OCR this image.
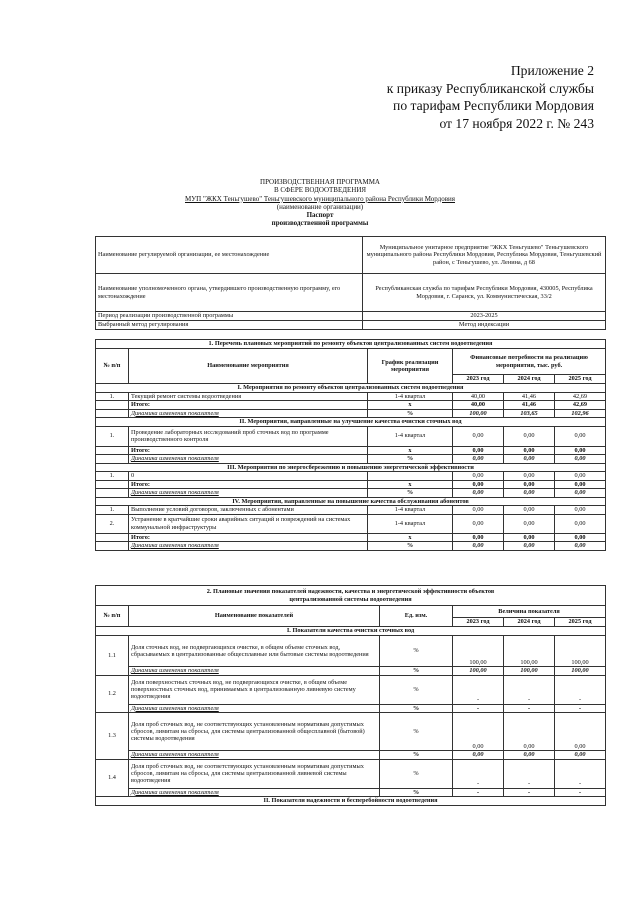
Приложение 2
к приказу Республиканской службы
по тарифам Республики Мордовия
от 17 ноября 2022 г. № 243
ПРОИЗВОДСТВЕННАЯ ПРОГРАММА
В СФЕРЕ ВОДООТВЕДЕНИЯ
МУП "ЖКХ Теньгушево" Теньгушевского муниципального района Республики Мордовия
(наименование организации)
Паспорт
производственной программы
Наименование регулируемой организации, ее местонахождение	Муниципальное унитарное предприятие "ЖКХ Теньгушево" Теньгушевского муниципального района Республики Мордовия, Республика Мордовия, Теньгушевский район, с Теньгушево, ул. Ленина, д 68
Наименование уполномоченного органа, утвердившего производственную программу, его местонахождение	Республиканская служба по тарифам Республики Мордовия, 430005, Республика Мордовия, г. Саранск, ул. Коммунистическая, 33/2
Период реализации производственной программы	2023-2025
Выбранный метод регулирования	Метод индексации
1. Перечень плановых мероприятий по ремонту объектов централизованных систем водоотведения					
№ п/п	Наименование мероприятия	График реализации мероприятия	Финансовые потребности на реализацию мероприятия, тыс. руб.		
			2023 год	2024 год	2025 год
I. Мероприятия по ремонту объектов централизованных систем водоотведения					
1.	Текущий ремонт системы водоотведения	1-4 квартал	40,00	41,46	42,69
	Итого:	х	40,00	41,46	42,69
	Динамика изменения показателя	%	100,00	103,65	102,96
II. Мероприятия, направленные на улучшение качества очистки сточных вод					
1.	Проведение лабораторных исследований проб сточных вод по программе производственного контроля	1-4 квартал	0,00	0,00	0,00
	Итого:	х	0,00	0,00	0,00
	Динамика изменения показателя	%	0,00	0,00	0,00
III. Мероприятия по энергосбережению и повышению энергетической эффективности					
1.	0		0,00	0,00	0,00
	Итого:	х	0,00	0,00	0,00
	Динамика изменения показателя	%	0,00	0,00	0,00
IV. Мероприятия, направленные на повышение качества обслуживания абонентов					
1.	Выполнение условий договоров, заключенных с абонентами	1-4 квартал	0,00	0,00	0,00
2.	Устранение в кратчайшие сроки аварийных ситуаций и повреждений на системах коммунальной инфраструктуры	1-4 квартал	0,00	0,00	0,00
	Итого:	х	0,00	0,00	0,00
	Динамика изменения показателя	%	0,00	0,00	0,00
2. Плановые значения показателей надежности, качества и энергетической эффективности объектов
централизованной системы водоотведения					

№ п/п	Наименование показателей	Ед. изм.	Величина показателя		
			2023 год	2024 год	2025 год
I. Показатели качества очистки сточных вод					
1.1	Доля сточных вод, не подвергающихся очистке, в общем объеме сточных вод, сбрасываемых в централизованные общесплавные или бытовые системы водоотведения	%	100,00	100,00	100,00
	Динамика изменения показателя	%	100,00	100,00	100,00
1.2	Доля поверхностных сточных вод, не подвергающихся очистке, в общем объеме поверхностных сточных вод, принимаемых в централизованную ливневую систему водоотведения	%	-	-	-
	Динамика изменения показателя	%	-	-	-
1.3	Доля проб сточных вод, не соответствующих установленным нормативам допустимых сбросов, лимитам на сбросы, для системы централизованной общесплавной (бытовой) системы водоотведения	%	0,00	0,00	0,00
	Динамика изменения показателя	%	0,00	0,00	0,00
1.4	Доля проб сточных вод, не соответствующих установленным нормативам допустимых сбросов, лимитам на сбросы, для системы централизованной ливневой системы водоотведения	%	-	-	-
	Динамика изменения показателя	%	-	-	-
II. Показатели надежности и бесперебойности водоотведения					
